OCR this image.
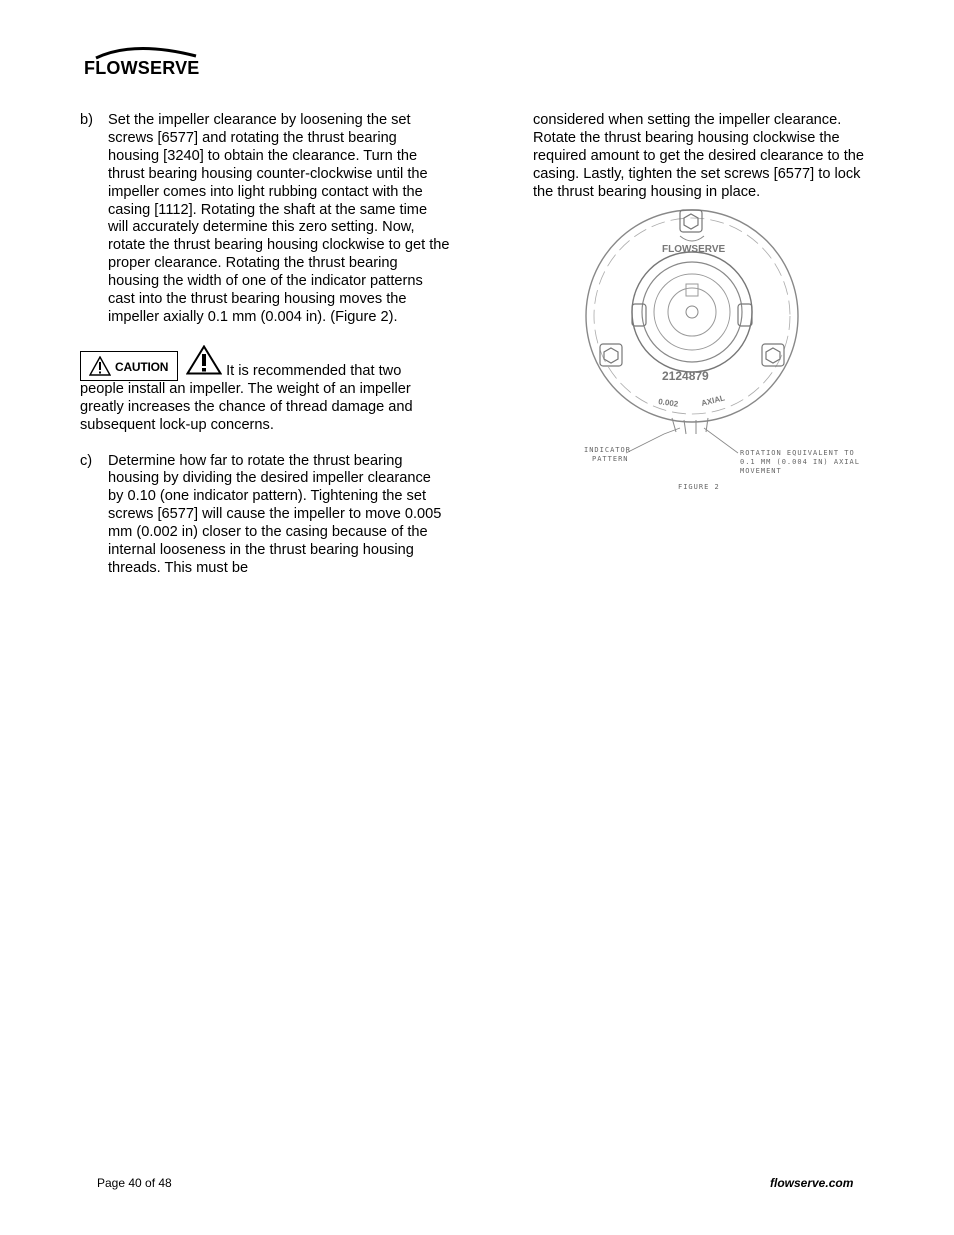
FLOWSERVE
b)	Set the impeller clearance by loosening the set screws [6577] and rotating the thrust bearing housing [3240] to obtain the clearance. Turn the thrust bearing housing counter-clockwise until the impeller comes into light rubbing contact with the casing [1112]. Rotating the shaft at the same time will accurately determine this zero setting. Now, rotate the thrust bearing housing clockwise to get the proper clearance. Rotating the thrust bearing housing the width of one of the indicator patterns cast into the thrust bearing housing moves the impeller axially 0.1 mm (0.004 in). (Figure 2).
CAUTION	It is recommended that two

people install an impeller. The weight of an impeller greatly increases the chance of thread damage and subsequent lock-up concerns.

c)	Determine how far to rotate the thrust bearing housing by dividing the desired impeller clearance by 0.10 (one indicator pattern). Tightening the set screws [6577] will cause the impeller to move 0.005 mm (0.002 in) closer to the casing because of the internal looseness in the thrust bearing housing threads. This must be

considered when setting the impeller clearance. Rotate the thrust bearing housing clockwise the required amount to get the desired clearance to the casing. Lastly, tighten the set screws [6577] to lock the thrust bearing housing in place.

FLOWSERVE
2124879
0.002	AXIAL
INDICATOR
PATTERN
ROTATION EQUIVALENT TO
0.1 MM (0.004 IN) AXIAL
MOVEMENT
FIGURE 2
Page 40 of 48	flowserve.com
